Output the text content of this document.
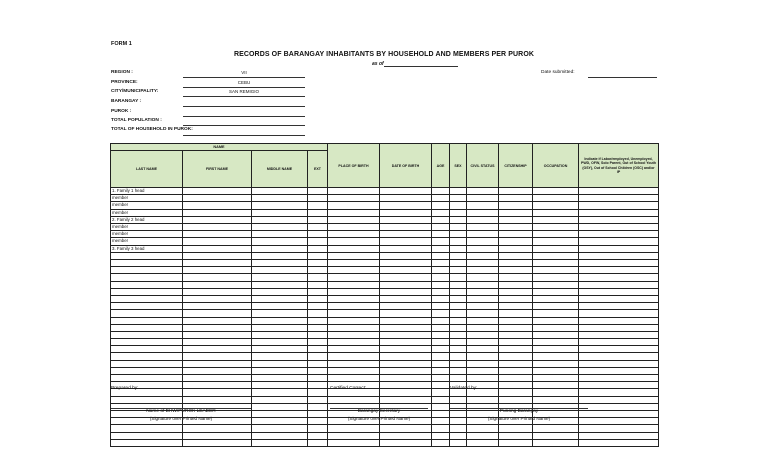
FORM 1
RECORDS OF BARANGAY INHABITANTS BY HOUSEHOLD AND MEMBERS PER PUROK
as of
REGION :	VII
PROVINCE:	CEBU
CITY/MUNICIPALITY:	SAN REMIGIO
BARANGAY :
PUROK :
TOTAL POPULATION :
TOTAL OF HOUSEHOLD IN PUROK:
Date submitted:
NAME				PLACE OF BIRTH	DATE OF BIRTH	AGE	SEX	CIVIL STATUS	CITIZENSHIP	OCCUPATION	Indicate if Labor/employed, Unemployed, PWD, OFW, Solo Parent, Out of School Youth (OSY), Out of School Children (OSC) and/or IP
LAST NAME	FIRST NAME	MIDDLE NAME	EXT								
1. Family 1 head											
member											
member											
member											
2. Family 2 head											
member											
member											
member											
3. Family 3 head											

Prepared by:	Certified Correct:	Validated by:
Name of BHW/PUROK LEADER	Barangay Secretary	Punong Barangay
(Signature over Printed Name)	(Signature over Printed Name)	(Signature over Printed Name)
